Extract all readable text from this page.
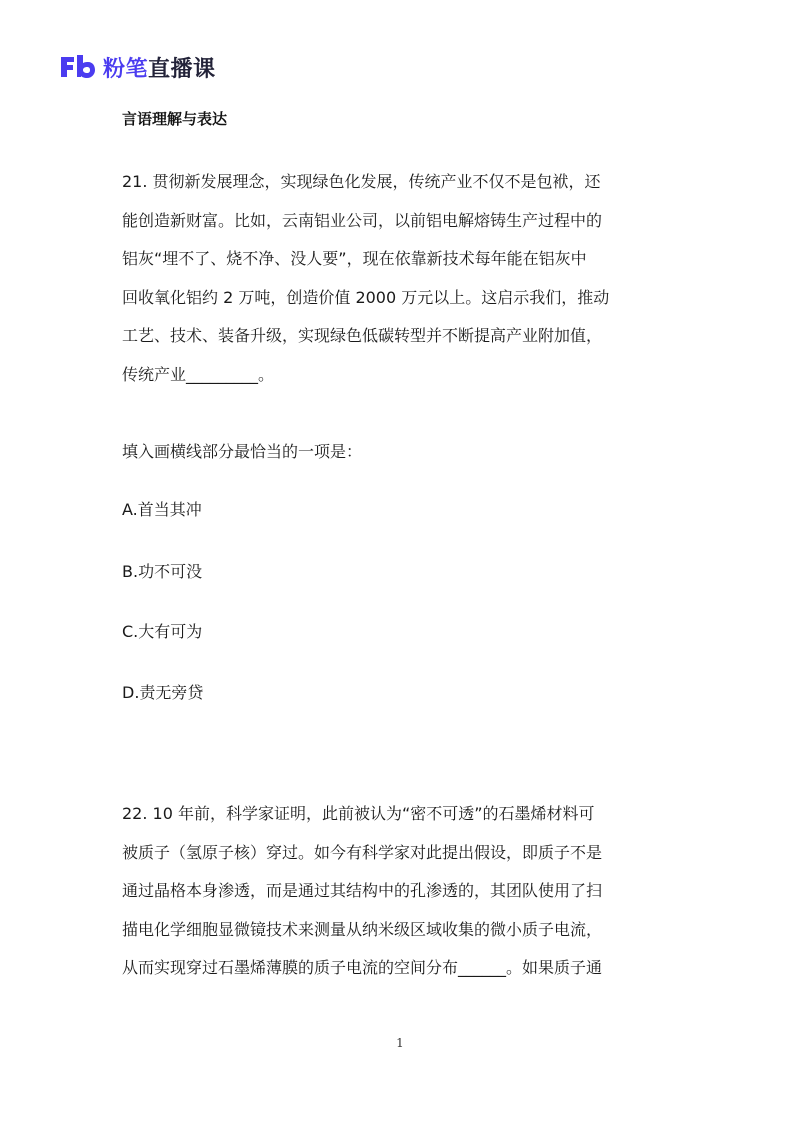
粉笔直播课
言语理解与表达
21. 贯彻新发展理念，实现绿色化发展，传统产业不仅不是包袱，还
能创造新财富。比如，云南铝业公司，以前铝电解熔铸生产过程中的
铝灰“埋不了、烧不净、没人要”，现在依靠新技术每年能在铝灰中
回收氧化铝约 2 万吨，创造价值 2000 万元以上。这启示我们，推动
工艺、技术、装备升级，实现绿色低碳转型并不断提高产业附加值，
传统产业_________。
填入画横线部分最恰当的一项是：
A.首当其冲
B.功不可没
C.大有可为
D.责无旁贷
22. 10 年前，科学家证明，此前被认为“密不可透”的石墨烯材料可
被质子（氢原子核）穿过。如今有科学家对此提出假设，即质子不是
通过晶格本身渗透，而是通过其结构中的孔渗透的，其团队使用了扫
描电化学细胞显微镜技术来测量从纳米级区域收集的微小质子电流，
从而实现穿过石墨烯薄膜的质子电流的空间分布______。如果质子通
1
